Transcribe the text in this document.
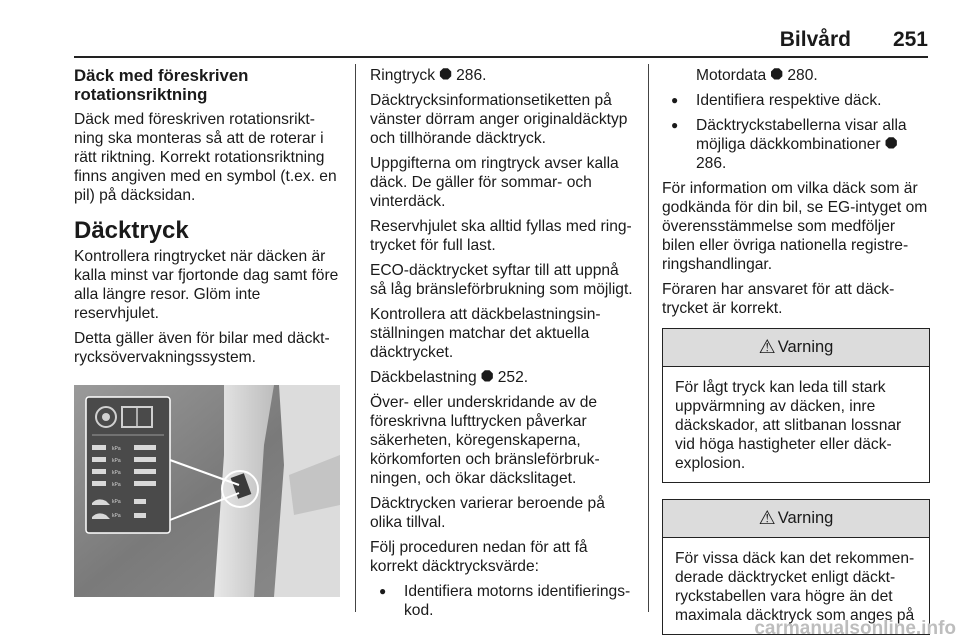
Bilvård 251
Däck med föreskriven rotationsriktning

Däck med föreskriven rotationsrikt-ning ska monteras så att de roterar i rätt riktning. Korrekt rotationsriktning finns angiven med en symbol (t.ex. en pil) på däcksidan.

Däcktryck

Kontrollera ringtrycket när däcken är kalla minst var fjortonde dag samt före alla längre resor. Glöm inte reservhjulet.

Detta gäller även för bilar med däckt-rycksövervakningssystem.

kPa
kPa
kPa
kPa
kPa
kPa

Ringtryck ⯃ 286.

Däcktrycksinformationsetiketten på vänster dörram anger originaldäcktyp och tillhörande däcktryck.

Uppgifterna om ringtryck avser kalla däck. De gäller för sommar- och vinterdäck.

Reservhjulet ska alltid fyllas med ring-trycket för full last.

ECO-däcktrycket syftar till att uppnå så låg bränsleförbrukning som möjligt.

Kontrollera att däckbelastningsin-ställningen matchar det aktuella däcktrycket.

Däckbelastning ⯃ 252.

Över- eller underskridande av de föreskrivna lufttrycken påverkar säkerheten, köregenskaperna, körkomforten och bränsleförbruk-ningen, och ökar däckslitaget.

Däcktrycken varierar beroende på olika tillval.

Följ proceduren nedan för att få korrekt däcktrycksvärde:

● Identifiera motorns identifierings-kod.
Motordata ⯃ 280.
● Identifiera respektive däck.
● Däcktryckstabellerna visar alla möjliga däckkombinationer ⯃ 286.

För information om vilka däck som är godkända för din bil, se EG-intyget om överensstämmelse som medföljer bilen eller övriga nationella registre-ringshandlingar.

Föraren har ansvaret för att däck-trycket är korrekt.

⚠ Varning
För lågt tryck kan leda till stark uppvärmning av däcken, inre däckskador, att slitbanan lossnar vid höga hastigheter eller däck-explosion.
⚠ Varning
För vissa däck kan det rekommen-derade däcktrycket enligt däckt-ryckstabellen vara högre än det maximala däcktryck som anges på
carmanualsonline.info
